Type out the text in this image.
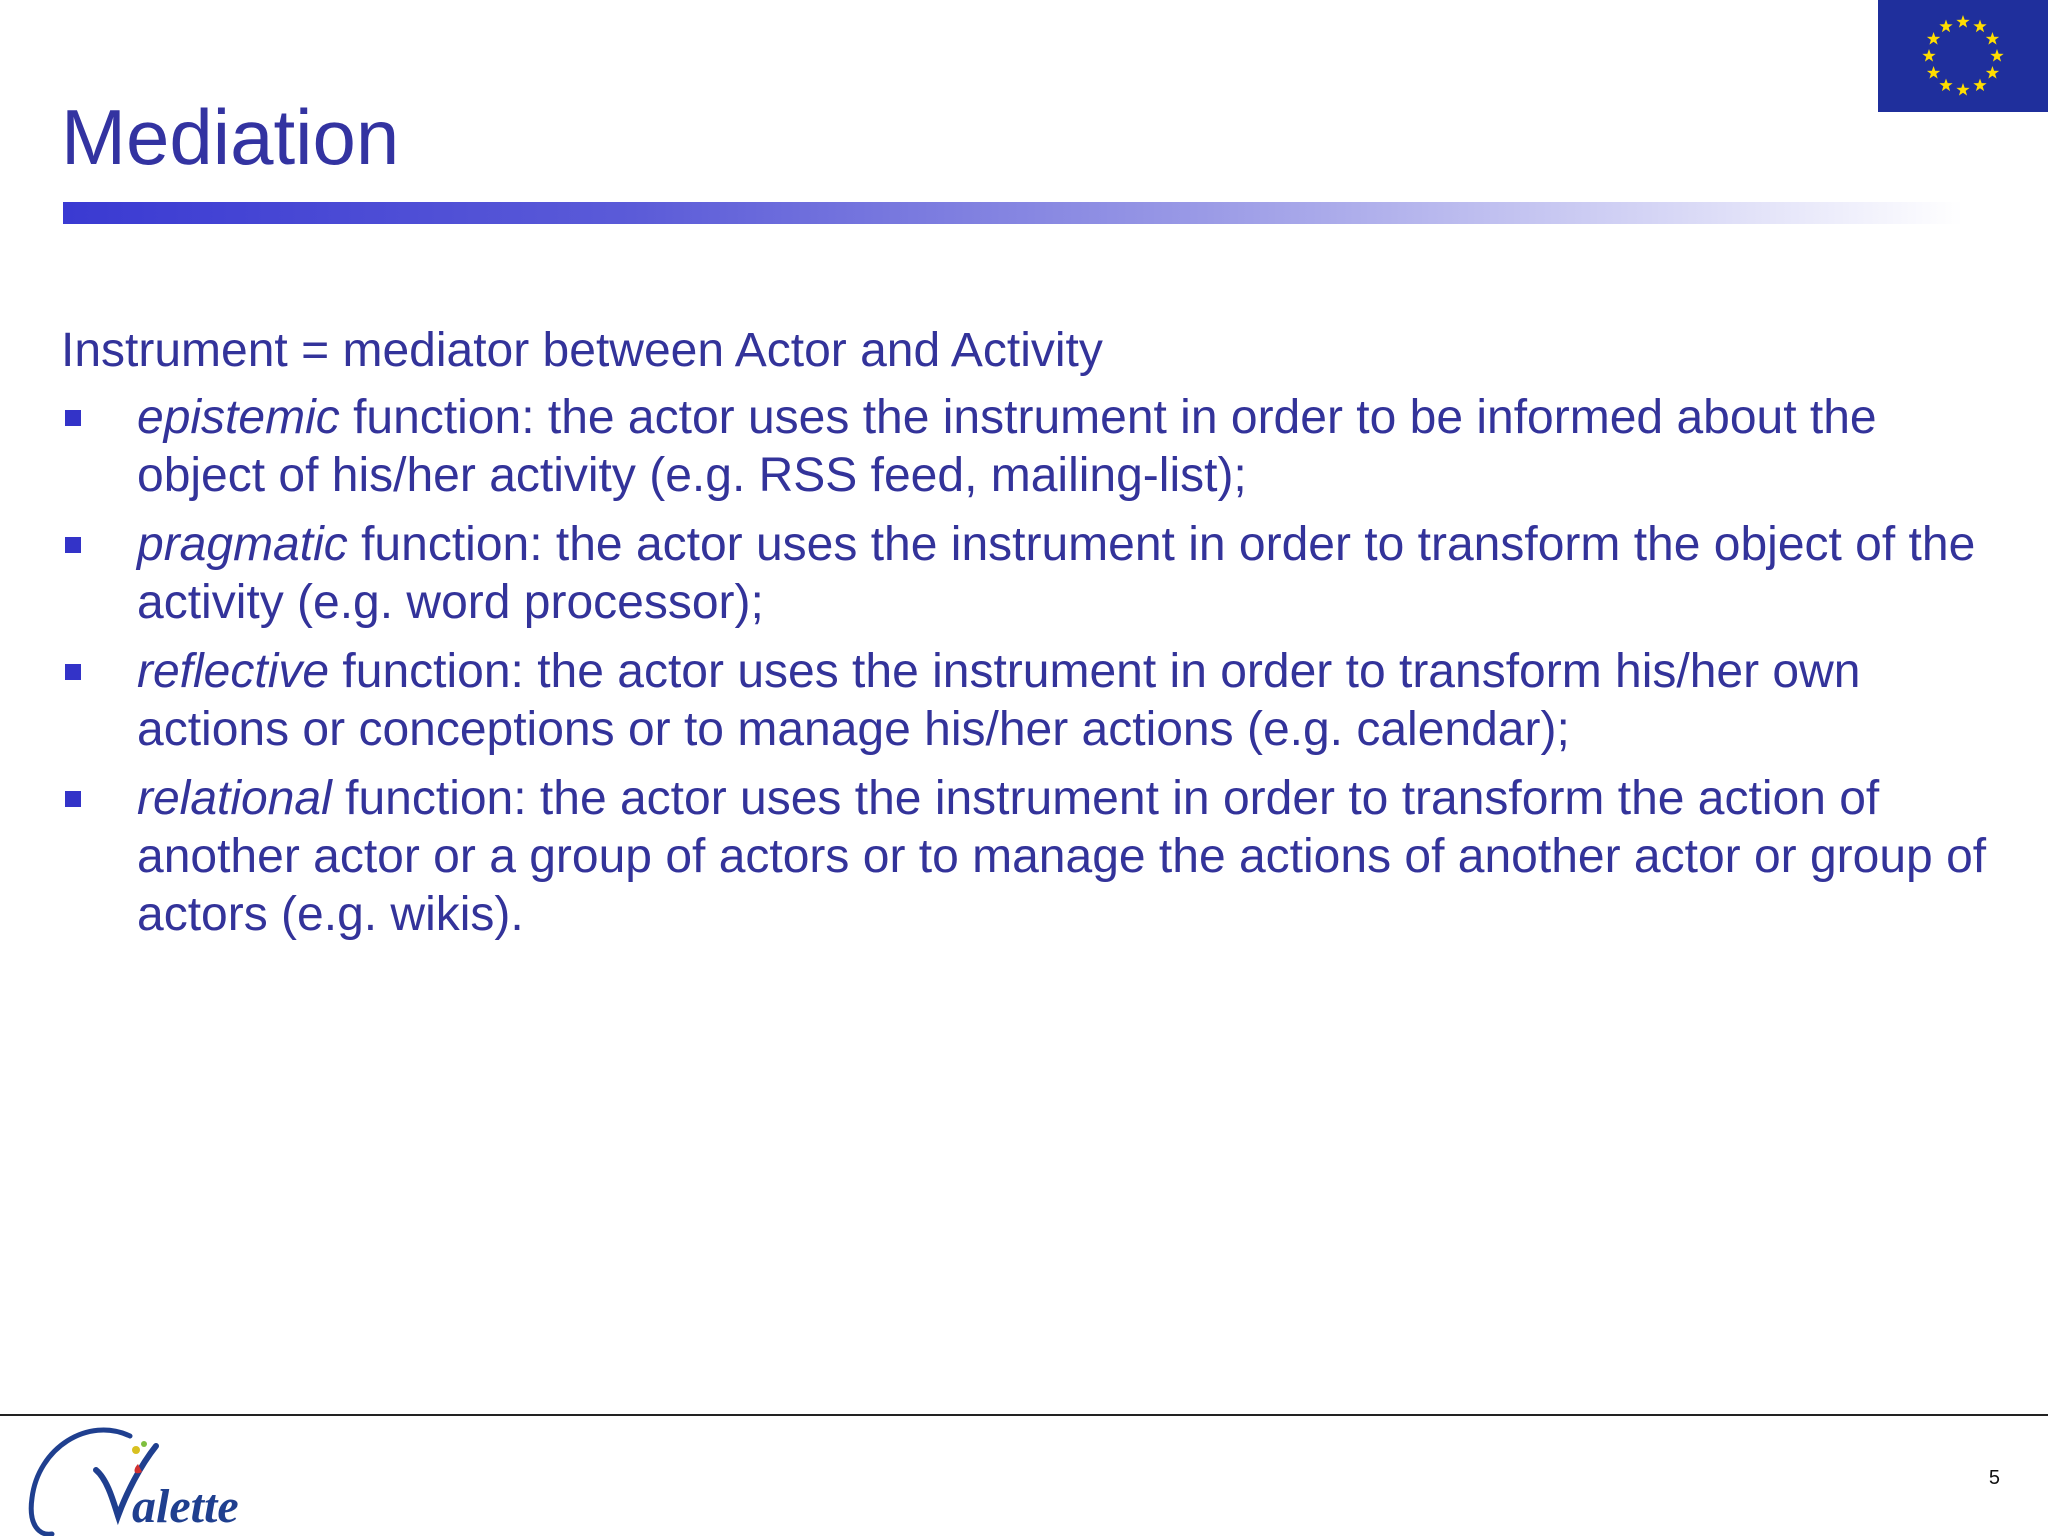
Mediation

Instrument = mediator between Actor and Activity

epistemic function: the actor uses the instrument in order to be informed about the object of his/her activity (e.g. RSS feed, mailing-list);
pragmatic function: the actor uses the instrument in order to transform the object of the activity (e.g. word processor);
reflective function: the actor uses the instrument in order to transform his/her own actions or conceptions or to manage his/her actions (e.g. calendar);
relational function: the actor uses the instrument in order to transform the action of another actor or a group of actors or to manage the actions of another actor or group of actors (e.g. wikis).
alette
5
